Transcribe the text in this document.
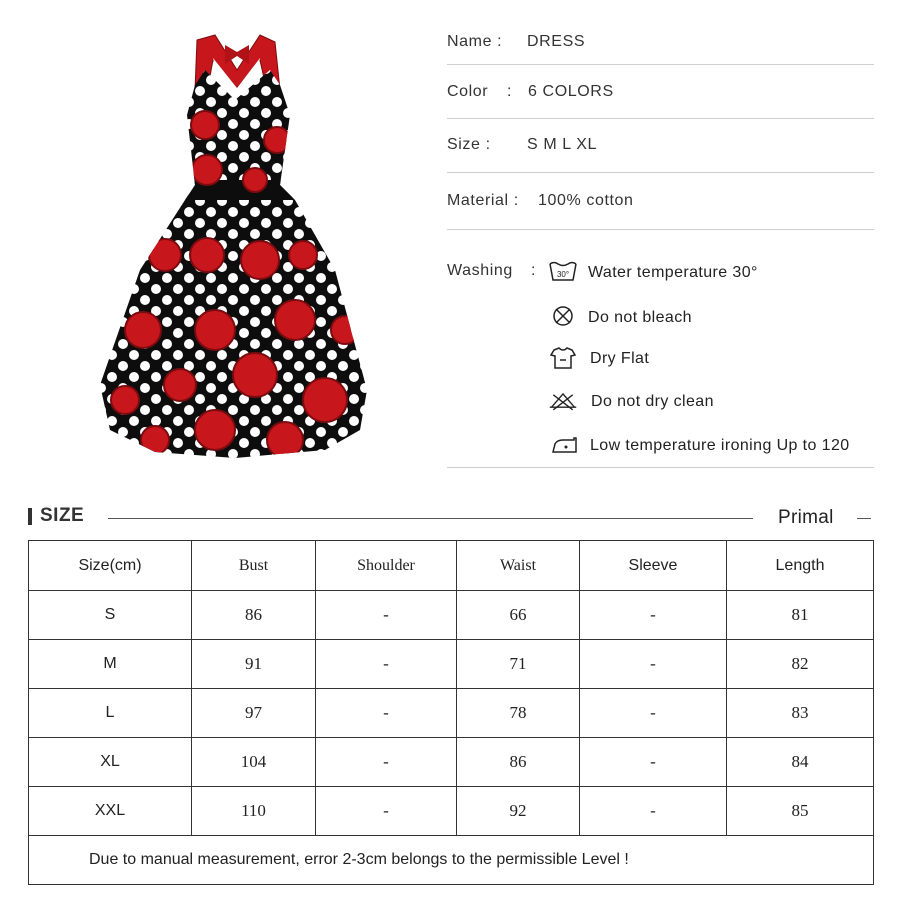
Name : DRESS
Color : 6 COLORS
Size : S M L XL
Material : 100% cotton
Washing :	30° Water temperature 30°
Do not bleach
Dry Flat
Do not dry clean
Low temperature ironing Up to 120
SIZE	Primal
Size(cm)	Bust	Shoulder	Waist	Sleeve	Length
S	86	-	66	-	81
M	91	-	71	-	82
L	97	-	78	-	83
XL	104	-	86	-	84
XXL	110	-	92	-	85
Due to manual measurement, error 2-3cm belongs to the permissible Level !					
